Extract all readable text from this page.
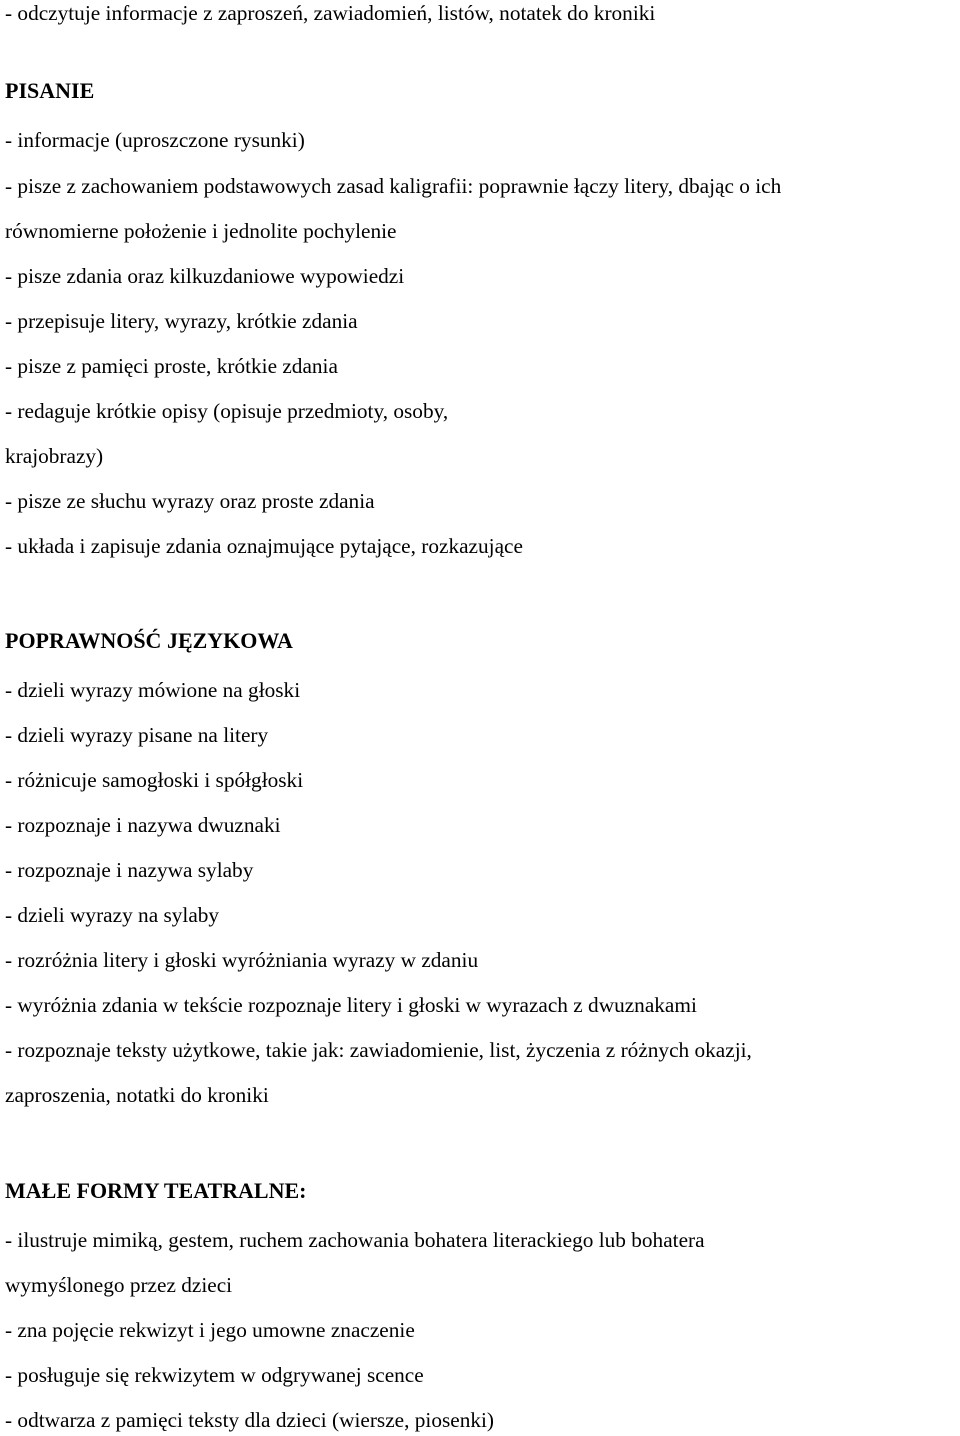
- odczytuje informacje z zaproszeń, zawiadomień, listów, notatek do kroniki
PISANIE
- informacje (uproszczone rysunki)
- pisze z zachowaniem podstawowych zasad kaligrafii: poprawnie łączy litery, dbając o ich
równomierne położenie i jednolite pochylenie
- pisze zdania oraz kilkuzdaniowe wypowiedzi
- przepisuje litery, wyrazy, krótkie zdania
- pisze z pamięci proste, krótkie zdania
- redaguje krótkie opisy (opisuje przedmioty, osoby,
krajobrazy)
- pisze ze słuchu wyrazy oraz proste zdania
- układa i zapisuje zdania oznajmujące pytające, rozkazujące
POPRAWNOŚĆ JĘZYKOWA
- dzieli wyrazy mówione na głoski
- dzieli wyrazy pisane na litery
- różnicuje samogłoski i spółgłoski
- rozpoznaje i nazywa dwuznaki
- rozpoznaje i nazywa sylaby
- dzieli wyrazy na sylaby
- rozróżnia litery i głoski wyróżniania wyrazy w zdaniu
- wyróżnia zdania w tekście rozpoznaje litery i głoski w wyrazach z dwuznakami
- rozpoznaje teksty użytkowe, takie jak: zawiadomienie, list, życzenia z różnych okazji,
zaproszenia, notatki do kroniki
MAŁE FORMY TEATRALNE:
- ilustruje mimiką, gestem, ruchem zachowania bohatera literackiego lub bohatera
wymyślonego przez dzieci
- zna pojęcie rekwizyt i jego umowne znaczenie
- posługuje się rekwizytem w odgrywanej scence
- odtwarza z pamięci teksty dla dzieci (wiersze, piosenki)
